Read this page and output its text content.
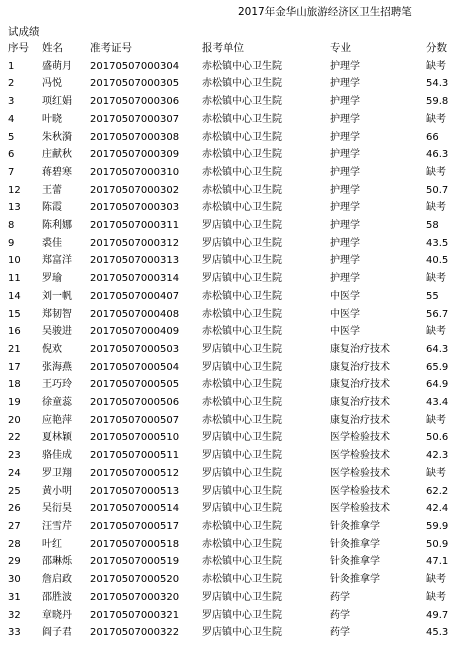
2017年金华山旅游经济区卫生招聘笔
试成绩
序号	姓名	准考证号	报考单位	专业	分数
1	盛萌月	20170507000304	赤松镇中心卫生院	护理学	缺考
2	冯悦	20170507000305	赤松镇中心卫生院	护理学	54.3
3	项红娟	20170507000306	赤松镇中心卫生院	护理学	59.8
4	叶晓	20170507000307	赤松镇中心卫生院	护理学	缺考
5	朱秋漪	20170507000308	赤松镇中心卫生院	护理学	66
6	庄献秋	20170507000309	赤松镇中心卫生院	护理学	46.3
7	蒋碧寒	20170507000310	赤松镇中心卫生院	护理学	缺考
12	王蕾	20170507000302	赤松镇中心卫生院	护理学	50.7
13	陈霞	20170507000303	赤松镇中心卫生院	护理学	缺考
8	陈利娜	20170507000311	罗店镇中心卫生院	护理学	58
9	裘佳	20170507000312	罗店镇中心卫生院	护理学	43.5
10	郑富洋	20170507000313	罗店镇中心卫生院	护理学	40.5
11	罗瑜	20170507000314	罗店镇中心卫生院	护理学	缺考
14	刘一帆	20170507000407	赤松镇中心卫生院	中医学	55
15	郑韧智	20170507000408	赤松镇中心卫生院	中医学	56.7
16	吴骏进	20170507000409	赤松镇中心卫生院	中医学	缺考
21	倪欢	20170507000503	罗店镇中心卫生院	康复治疗技术	64.3
17	张海燕	20170507000504	罗店镇中心卫生院	康复治疗技术	65.9
18	王巧玲	20170507000505	赤松镇中心卫生院	康复治疗技术	64.9
19	徐童蕊	20170507000506	赤松镇中心卫生院	康复治疗技术	43.4
20	应艳萍	20170507000507	赤松镇中心卫生院	康复治疗技术	缺考
22	夏林颖	20170507000510	罗店镇中心卫生院	医学检验技术	50.6
23	骆佳成	20170507000511	罗店镇中心卫生院	医学检验技术	42.3
24	罗卫翔	20170507000512	罗店镇中心卫生院	医学检验技术	缺考
25	黄小明	20170507000513	罗店镇中心卫生院	医学检验技术	62.2
26	吴衍昊	20170507000514	罗店镇中心卫生院	医学检验技术	42.4
27	汪雪芹	20170507000517	赤松镇中心卫生院	针灸推拿学	59.9
28	叶红	20170507000518	赤松镇中心卫生院	针灸推拿学	50.9
29	邵琳烁	20170507000519	赤松镇中心卫生院	针灸推拿学	47.1
30	詹启政	20170507000520	赤松镇中心卫生院	针灸推拿学	缺考
31	邵胜波	20170507000320	罗店镇中心卫生院	药学	缺考
32	章晓丹	20170507000321	罗店镇中心卫生院	药学	49.7
33	阎子君	20170507000322	罗店镇中心卫生院	药学	45.3
